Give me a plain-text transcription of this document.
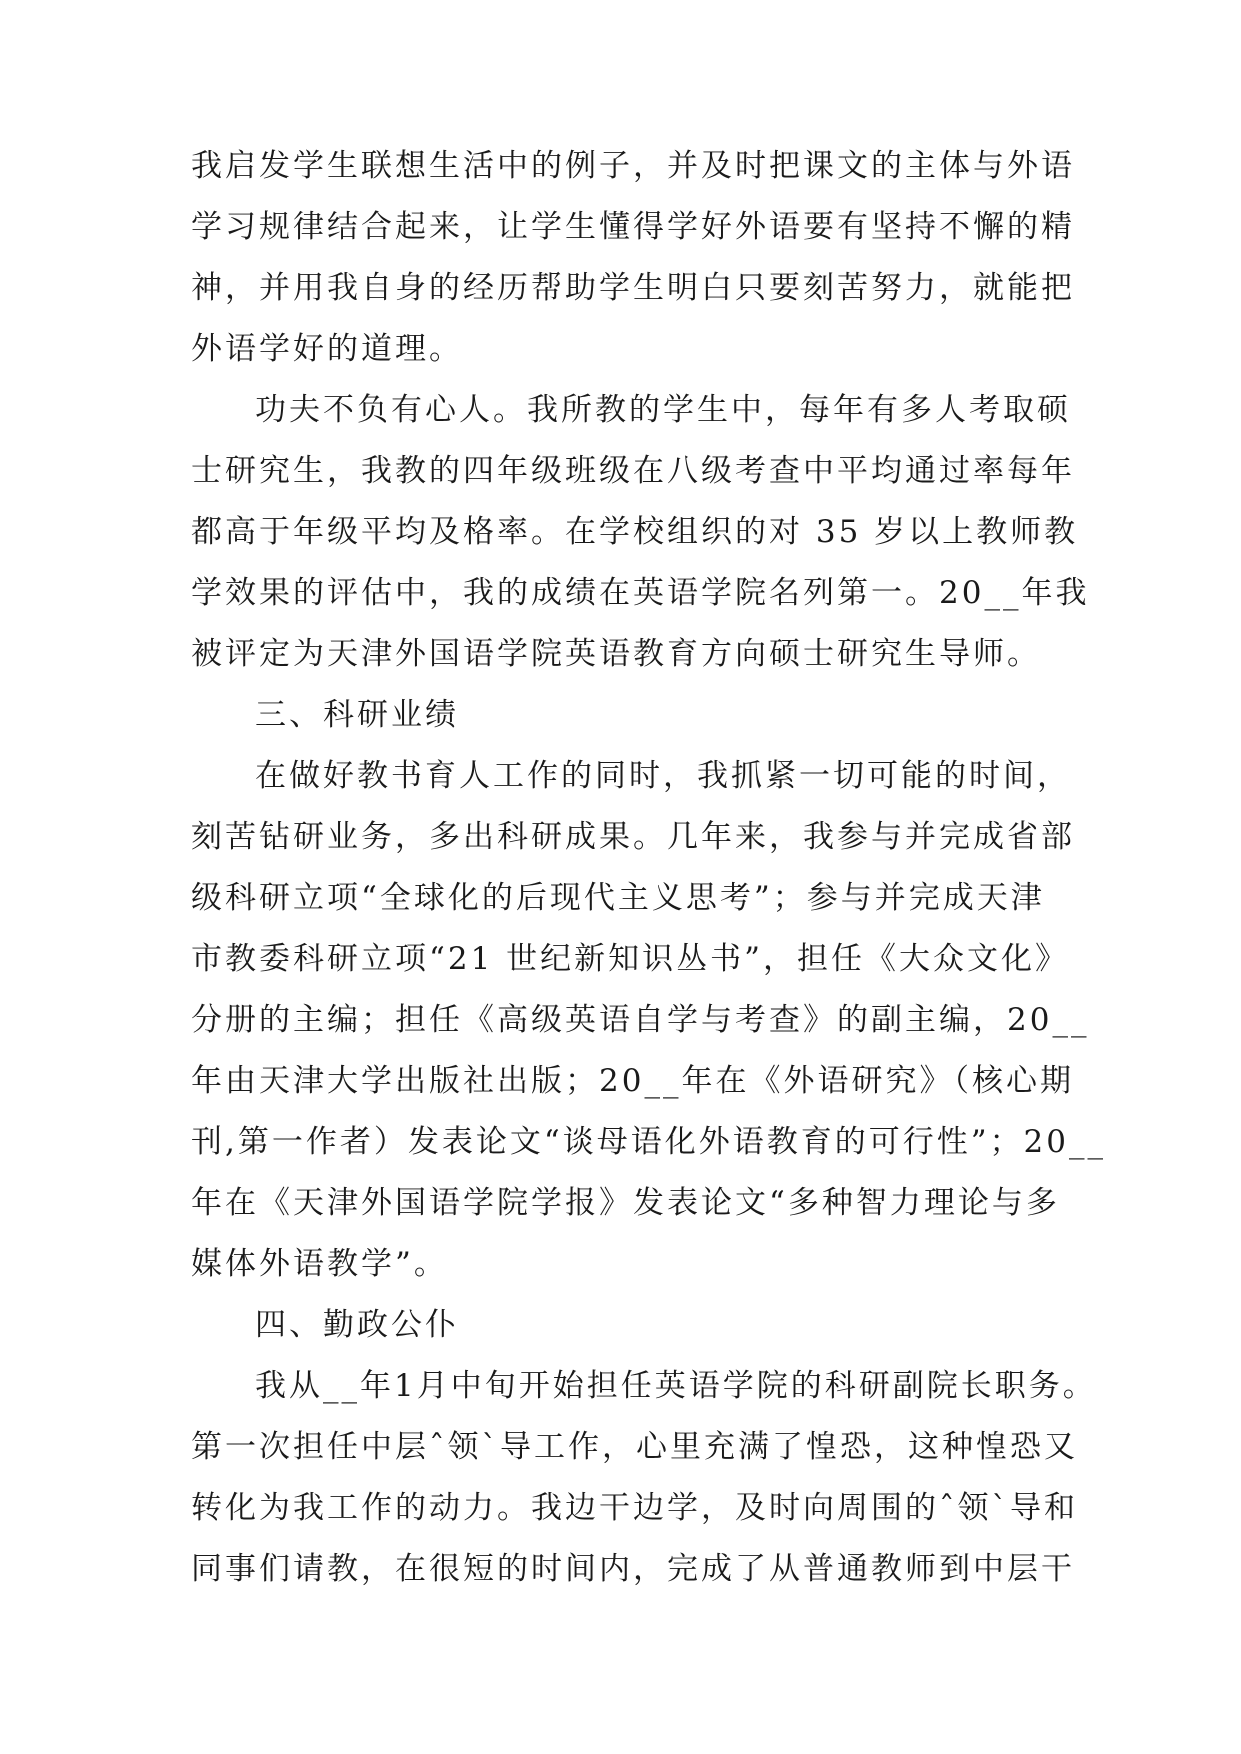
我启发学生联想生活中的例子，并及时把课文的主体与外语
学习规律结合起来，让学生懂得学好外语要有坚持不懈的精
神，并用我自身的经历帮助学生明白只要刻苦努力，就能把
外语学好的道理。
功夫不负有心人。我所教的学生中，每年有多人考取硕
士研究生，我教的四年级班级在八级考查中平均通过率每年
都高于年级平均及格率。在学校组织的对 35 岁以上教师教
学效果的评估中，我的成绩在英语学院名列第一。20__年我
被评定为天津外国语学院英语教育方向硕士研究生导师。
三、科研业绩
在做好教书育人工作的同时，我抓紧一切可能的时间，
刻苦钻研业务，多出科研成果。几年来，我参与并完成省部
级科研立项“全球化的后现代主义思考”；参与并完成天津
市教委科研立项“21 世纪新知识丛书”，担任《大众文化》
分册的主编；担任《高级英语自学与考查》的副主编，20__
年由天津大学出版社出版；20__年在《外语研究》（核心期
刊,第一作者）发表论文“谈母语化外语教育的可行性”；20__
年在《天津外国语学院学报》发表论文“多种智力理论与多
媒体外语教学”。
四、勤政公仆
我从__年1月中旬开始担任英语学院的科研副院长职务。
第一次担任中层ˆ领ˋ导工作，心里充满了惶恐，这种惶恐又
转化为我工作的动力。我边干边学，及时向周围的ˆ领ˋ导和
同事们请教，在很短的时间内，完成了从普通教师到中层干
